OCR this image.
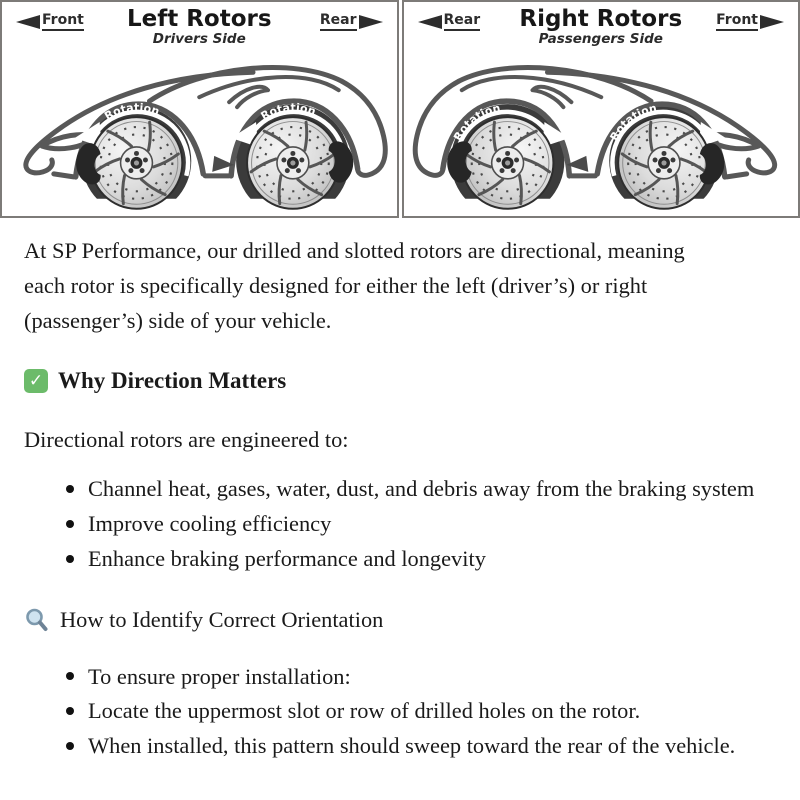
Front	Left Rotors
Drivers Side
Rear
Rotation	Rotation
Rear	Right Rotors
Passengers Side
Front
Rotation
Rotation

At SP Performance, our drilled and slotted rotors are directional, meaning each rotor is specifically designed for either the left (driver’s) or right (passenger’s) side of your vehicle.

✓ Why Direction Matters

Directional rotors are engineered to:

Channel heat, gases, water, dust, and debris away from the braking system
Improve cooling efficiency
Enhance braking performance and longevity
How to Identify Correct Orientation
To ensure proper installation:
Locate the uppermost slot or row of drilled holes on the rotor.
When installed, this pattern should sweep toward the rear of the vehicle.
